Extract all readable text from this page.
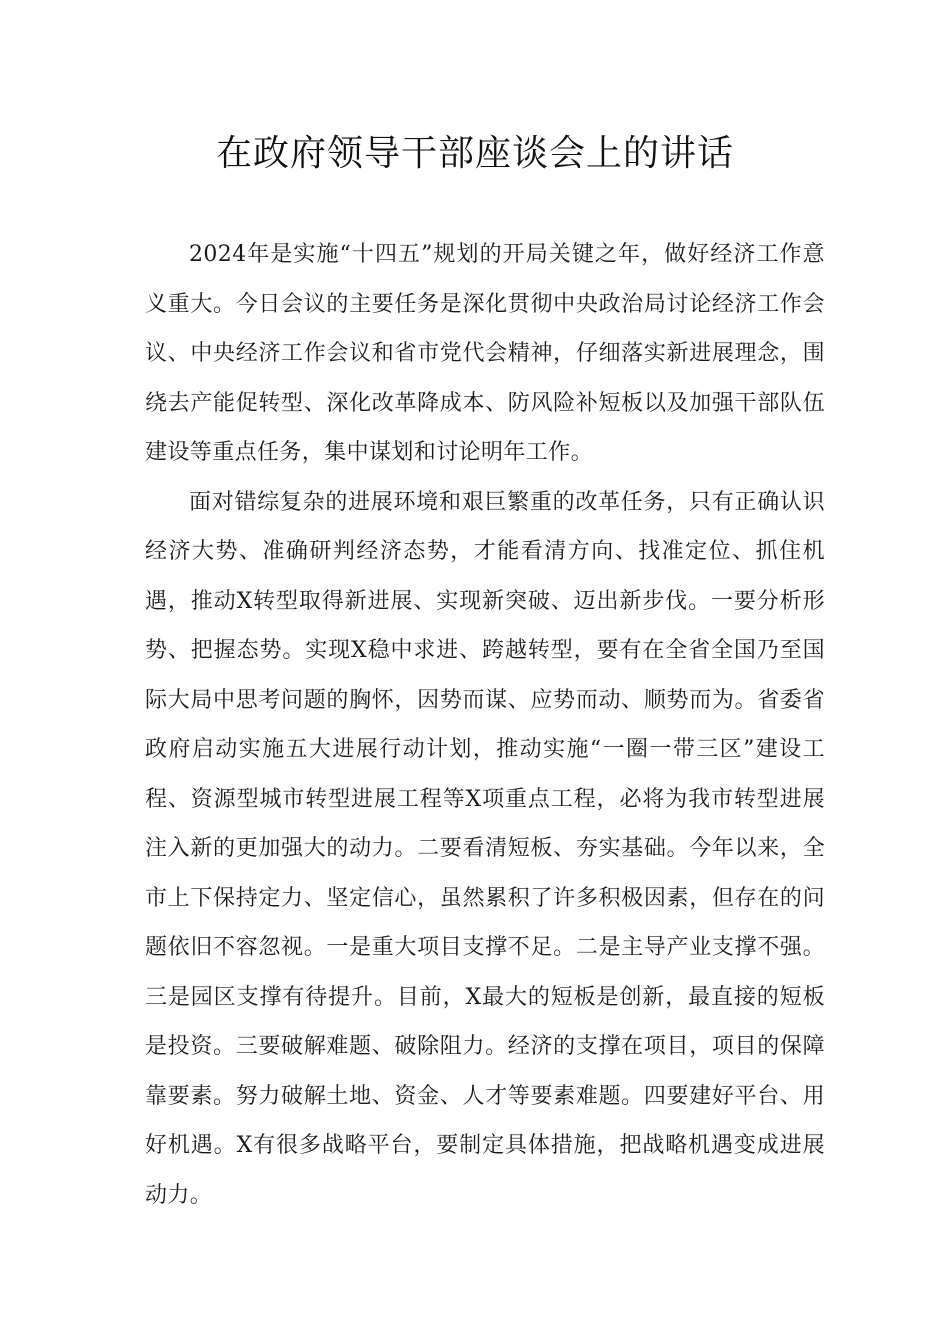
在政府领导干部座谈会上的讲话

2024年是实施“十四五”规划的开局关键之年，做好经济工作意义重大。今日会议的主要任务是深化贯彻中央政治局讨论经济工作会议、中央经济工作会议和省市党代会精神，仔细落实新进展理念，围绕去产能促转型、深化改革降成本、防风险补短板以及加强干部队伍建设等重点任务，集中谋划和讨论明年工作。

面对错综复杂的进展环境和艰巨繁重的改革任务，只有正确认识经济大势、准确研判经济态势，才能看清方向、找准定位、抓住机遇，推动X转型取得新进展、实现新突破、迈出新步伐。一要分析形势、把握态势。实现X稳中求进、跨越转型，要有在全省全国乃至国际大局中思考问题的胸怀，因势而谋、应势而动、顺势而为。省委省政府启动实施五大进展行动计划，推动实施“一圈一带三区”建设工程、资源型城市转型进展工程等X项重点工程，必将为我市转型进展注入新的更加强大的动力。二要看清短板、夯实基础。今年以来，全市上下保持定力、坚定信心，虽然累积了许多积极因素，但存在的问题依旧不容忽视。一是重大项目支撑不足。二是主导产业支撑不强。三是园区支撑有待提升。目前，X最大的短板是创新，最直接的短板是投资。三要破解难题、破除阻力。经济的支撑在项目，项目的保障靠要素。努力破解土地、资金、人才等要素难题。四要建好平台、用好机遇。X有很多战略平台，要制定具体措施，把战略机遇变成进展动力。
